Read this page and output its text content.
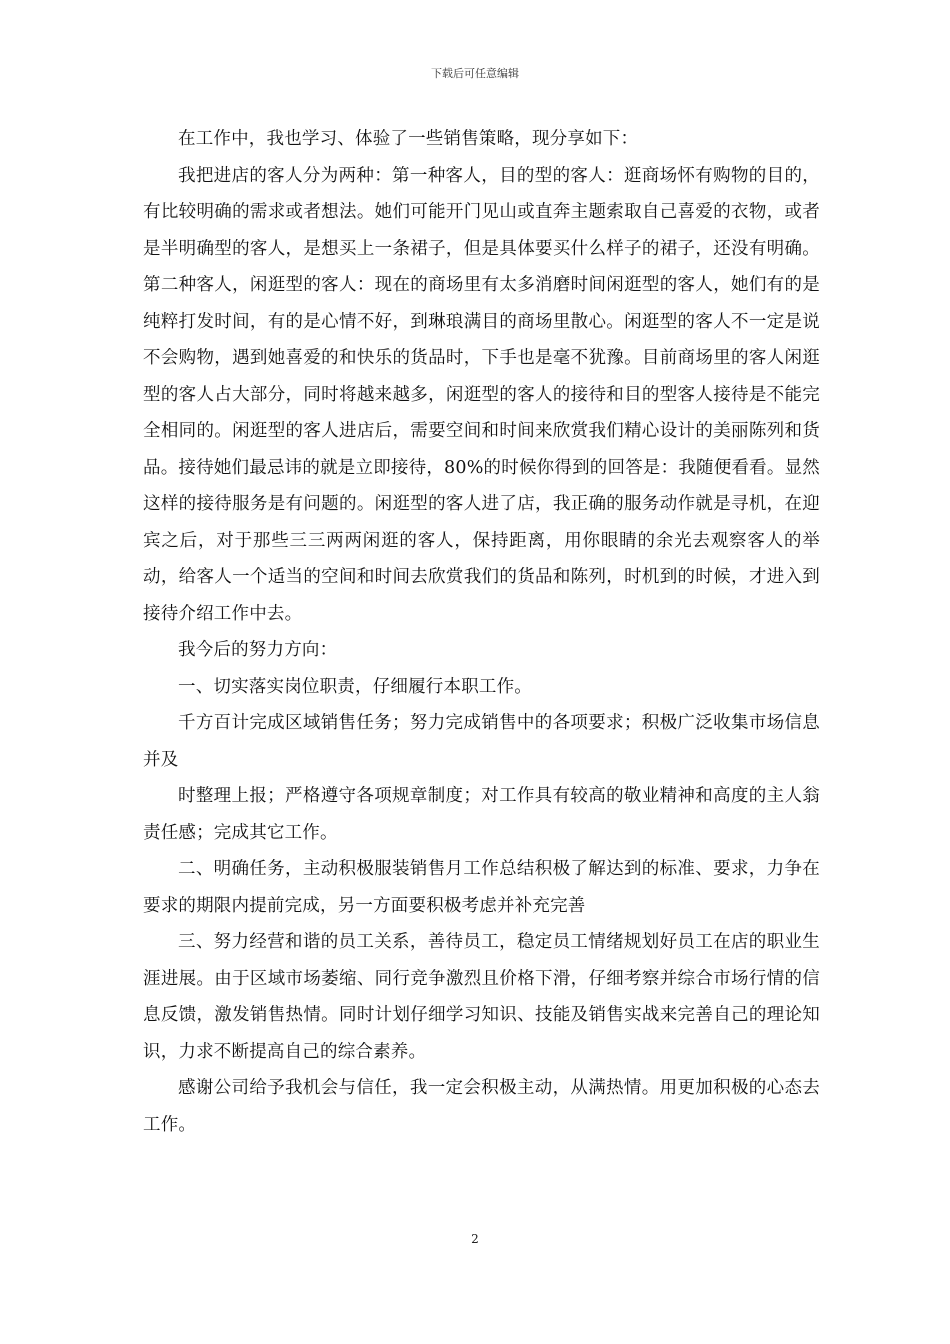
下载后可任意编辑

在工作中，我也学习、体验了一些销售策略，现分享如下：

我把进店的客人分为两种：第一种客人，目的型的客人：逛商场怀有购物的目的，有比较明确的需求或者想法。她们可能开门见山或直奔主题索取自己喜爱的衣物，或者是半明确型的客人，是想买上一条裙子，但是具体要买什么样子的裙子，还没有明确。第二种客人，闲逛型的客人：现在的商场里有太多消磨时间闲逛型的客人，她们有的是纯粹打发时间，有的是心情不好，到琳琅满目的商场里散心。闲逛型的客人不一定是说不会购物，遇到她喜爱的和快乐的货品时，下手也是毫不犹豫。目前商场里的客人闲逛型的客人占大部分，同时将越来越多，闲逛型的客人的接待和目的型客人接待是不能完全相同的。闲逛型的客人进店后，需要空间和时间来欣赏我们精心设计的美丽陈列和货品。接待她们最忌讳的就是立即接待，80%的时候你得到的回答是：我随便看看。显然这样的接待服务是有问题的。闲逛型的客人进了店，我正确的服务动作就是寻机，在迎宾之后，对于那些三三两两闲逛的客人，保持距离，用你眼睛的余光去观察客人的举动，给客人一个适当的空间和时间去欣赏我们的货品和陈列，时机到的时候，才进入到接待介绍工作中去。

我今后的努力方向：

一、切实落实岗位职责，仔细履行本职工作。

千方百计完成区域销售任务；努力完成销售中的各项要求；积极广泛收集市场信息并及

时整理上报；严格遵守各项规章制度；对工作具有较高的敬业精神和高度的主人翁责任感；完成其它工作。

二、明确任务，主动积极服装销售月工作总结积极了解达到的标准、要求，力争在要求的期限内提前完成，另一方面要积极考虑并补充完善

三、努力经营和谐的员工关系，善待员工，稳定员工情绪规划好员工在店的职业生涯进展。由于区域市场萎缩、同行竞争激烈且价格下滑，仔细考察并综合市场行情的信息反馈，激发销售热情。同时计划仔细学习知识、技能及销售实战来完善自己的理论知识，力求不断提高自己的综合素养。

感谢公司给予我机会与信任，我一定会积极主动，从满热情。用更加积极的心态去工作。

2
